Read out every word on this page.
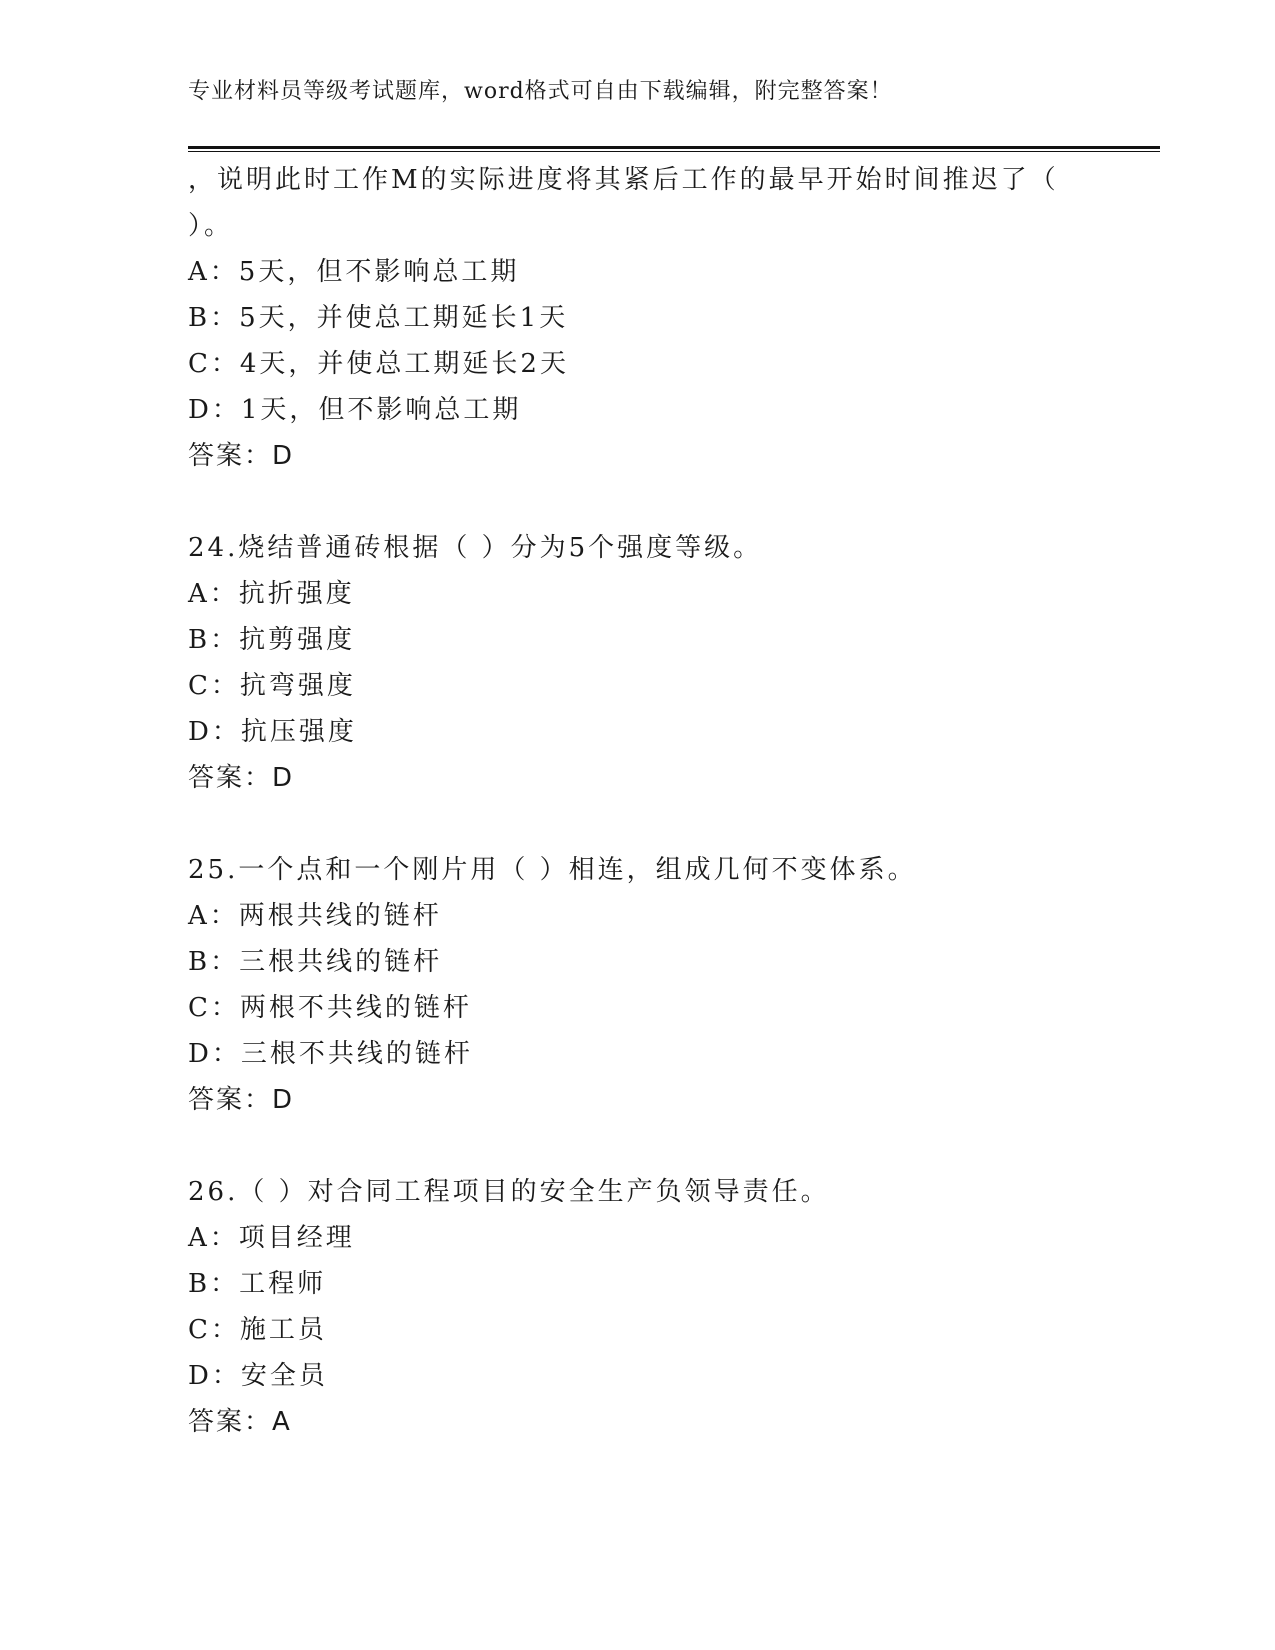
专业材料员等级考试题库，word格式可自由下载编辑，附完整答案！
，说明此时工作M的实际进度将其紧后工作的最早开始时间推迟了（
）。
A：5天，但不影响总工期
B：5天，并使总工期延长1天
C：4天，并使总工期延长2天
D：1天，但不影响总工期
答案：D
24.烧结普通砖根据（ ）分为5个强度等级。
A：抗折强度
B：抗剪强度
C：抗弯强度
D：抗压强度
答案：D
25.一个点和一个刚片用（ ）相连，组成几何不变体系。
A：两根共线的链杆
B：三根共线的链杆
C：两根不共线的链杆
D：三根不共线的链杆
答案：D
26.（ ）对合同工程项目的安全生产负领导责任。
A：项目经理
B：工程师
C：施工员
D：安全员
答案：A
